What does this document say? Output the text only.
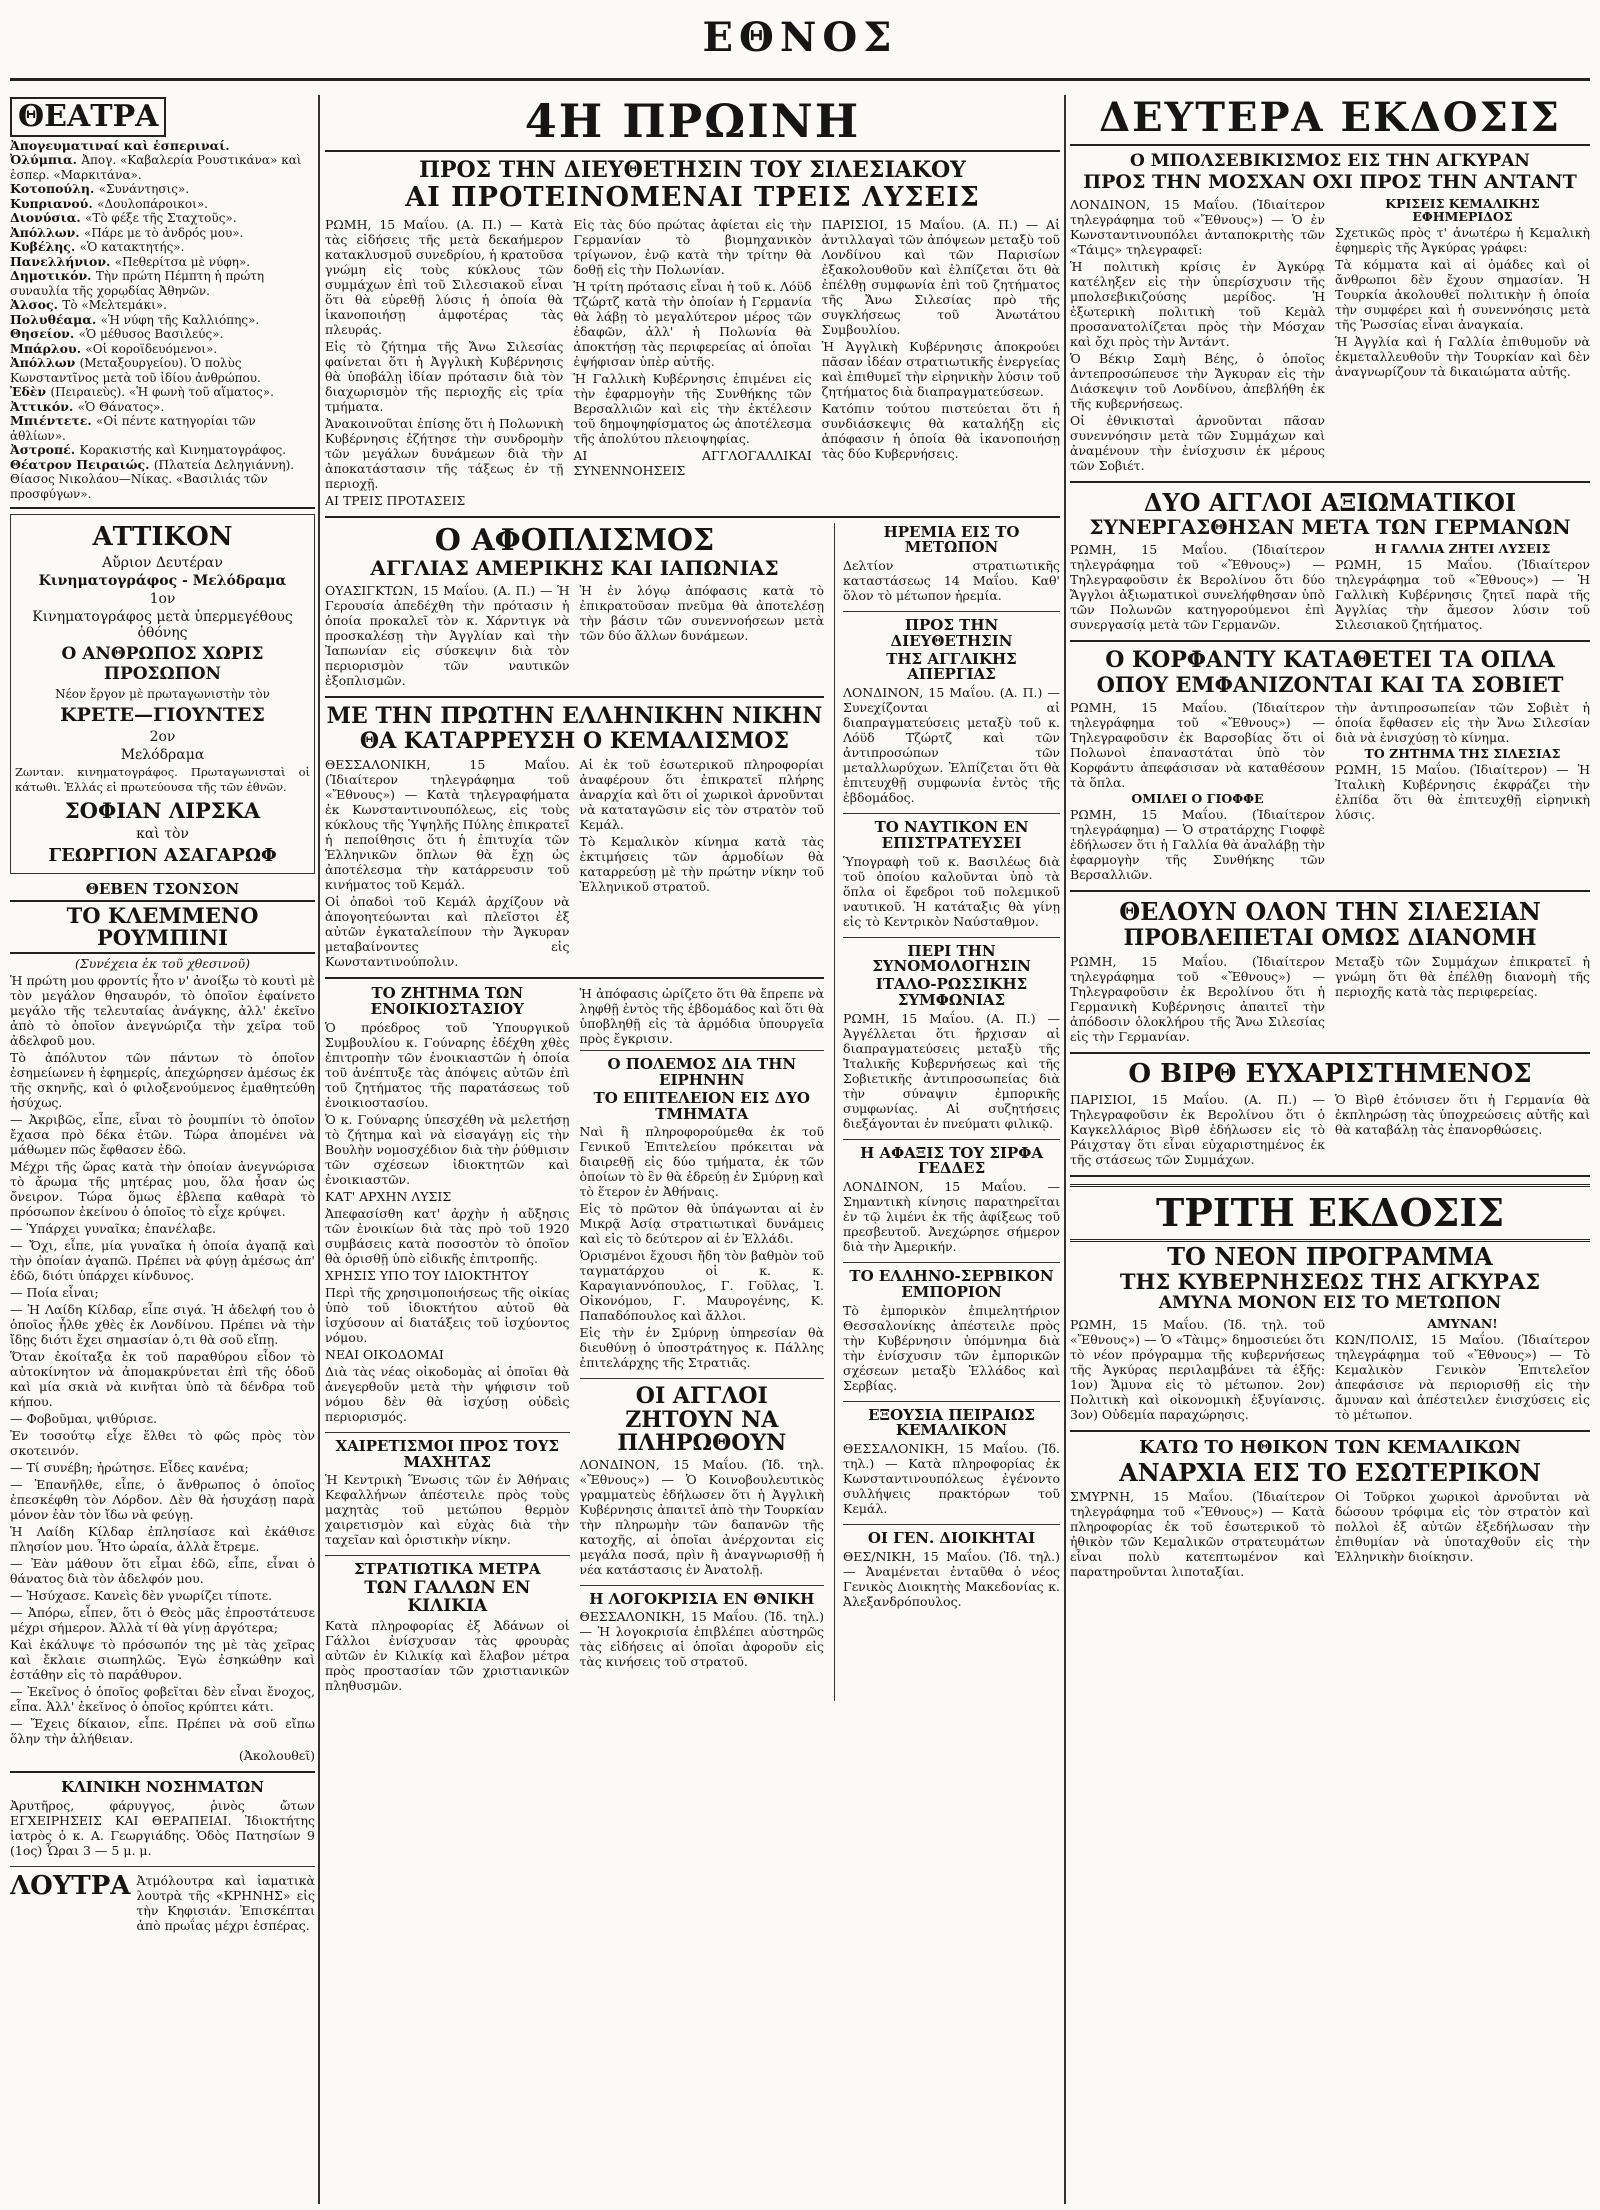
ΕΘΝΟΣ
ΘΕΑΤΡΑ
Ἀπογευματιναί καὶ ἑσπεριναί.
Ὀλύμπια. Ἀπογ. «Καβαλερία Ρουστικάνα» καὶ ἑσπερ. «Μαρκιτάνα».
Κοτοπούλη. «Συνάντησις».
Κυπριανού. «Δουλοπάροικοι».
Διονύσια. «Τὸ φέξε τῆς Σταχτοῦς».
Ἀπόλλων. «Πάρε με τὸ ἀνδρός μου».
Κυβέλης. «Ὁ κατακτητής».
Πανελλήνιον. «Πεθερίτσα μὲ νύφη».
Δημοτικόν. Τὴν πρώτη Πέμπτη ἡ πρώτη συναυλία τῆς χορῳδίας Ἀθηνῶν.
Ἀλσος. Τὸ «Μελτεμάκι».
Πολυθέαμα. «Ἡ νύφη τῆς Καλλιόπης».
Θησείον. «Ὁ μέθυσος Βασιλεύς».
Μπάρλου. «Οἱ κοροϊδευόμενοι».
Ἀπόλλων (Μεταξουργείου). Ὁ πολὺς Κωνσταντῖνος μετὰ τοῦ ἰδίου ἀνθρώπου.
Ἐδὲν (Πειραιεὺς). «Ἡ φωνὴ τοῦ αἵματος».
Ἀττικόν. «Ὁ Θάνατος».
Μπιέντετε. «Οἱ πέντε κατηγορίαι τῶν ἀθλίων».
Ἀστροπέ. Κορακιστής καὶ Κινηματογράφος.
Θέατρον Πειραιώς. (Πλατεία Δεληγιάννη). Θίασος Νικολάου—Νίκας. «Βασιλιάς τῶν προσφύγων».
ΑΤΤΙΚΟΝ
Αὔριον Δευτέραν
Κινηματογράφος - Μελόδραμα
1ον
Κινηματογράφος μετὰ ὑπερμεγέθους ὀθόνης
Ο ΑΝΘΡΩΠΟΣ ΧΩΡΙΣ ΠΡΟΣΩΠΟΝ
Νέον ἔργον μὲ πρωταγωνιστὴν τὸν
ΚΡΕΤΕ—ΓΙΟΥΝΤΕΣ
2ον
Μελόδραμα
Ζωνταν. κινηματογράφος. Πρωταγωνισταὶ οἱ κάτωθι. Ἑλλάς εἰ πρωτεύουσα τῆς τῶν ἐθνῶν.
ΣΟΦΙΑΝ ΛΙΡΣΚΑ
καὶ τὸν
ΓΕΩΡΓΙΟΝ ΑΣΑΓΑΡΩΦ
ΘΕΒΕΝ ΤΣΟΝΣΟΝ
ΤΟ ΚΛΕΜΜΕΝΟ ΡΟΥΜΠΙΝΙ
(Συνέχεια ἐκ τοῦ χθεσινοῦ)
Ἡ πρώτη μου φροντίς ἦτο ν' ἀνοίξω τὸ κουτὶ μὲ τὸν μεγάλον θησαυρόν, τὸ ὁποῖον ἐφαίνετο μεγάλο τῆς τελευταίας ἀνάγκης, ἀλλ' ἐκεῖνο ἀπὸ τὸ ὁποῖον ἀνεγνώριζα τὴν χεῖρα τοῦ ἀδελφοῦ μου.
Τὸ ἀπόλυτον τῶν πάντων τὸ ὁποῖον ἐσημείωνεν ἡ ἐφημερίς, ἀπεχώρησεν ἀμέσως ἐκ τῆς σκηνῆς, καὶ ὁ φιλοξενούμενος ἐμαθητεύθη ἡσύχως.
— Ἀκριβῶς, εἶπε, εἶναι τὸ ῥουμπίνι τὸ ὁποῖον ἔχασα πρὸ δέκα ἐτῶν. Τώρα ἀπομένει νὰ μάθωμεν πῶς ἔφθασεν ἐδῶ.
Μέχρι τῆς ὥρας κατὰ τὴν ὁποίαν ἀνεγνώρισα τὸ ἄρωμα τῆς μητέρας μου, ὅλα ἦσαν ὡς ὄνειρον. Τώρα ὅμως ἐβλεπα καθαρὰ τὸ πρόσωπον ἐκείνου ὁ ὁποῖος τὸ εἶχε κρύψει.
— Ὑπάρχει γυναῖκα; ἐπανέλαβε.
— Ὄχι, εἶπε, μία γυναῖκα ἡ ὁποία ἀγαπᾷ καὶ τὴν ὁποίαν ἀγαπῶ. Πρέπει νὰ φύγῃ ἀμέσως ἀπ' ἐδῶ, διότι ὑπάρχει κίνδυνος.
— Ποία εἶναι;
— Ἡ Λαίδη Κίλδαρ, εἶπε σιγά. Ἡ ἀδελφή του ὁ ὁποῖος ἦλθε χθὲς ἐκ Λονδίνου. Πρέπει νὰ τὴν ἴδῃς διότι ἔχει σημασίαν ὁ,τι θὰ σοῦ εἴπῃ.
Ὅταν ἐκοίταξα ἐκ τοῦ παραθύρου εἶδον τὸ αὐτοκίνητον νὰ ἀπομακρύνεται ἐπὶ τῆς ὁδοῦ καὶ μία σκιὰ νὰ κινῆται ὑπὸ τὰ δένδρα τοῦ κήπου.
— Φοβοῦμαι, ψιθύρισε.
Ἐν τοσούτῳ εἶχε ἔλθει τὸ φῶς πρὸς τὸν σκοτεινόν.
— Τί συνέβη; ἠρώτησε. Εἶδες κανένα;
— Ἐπανῆλθε, εἶπε, ὁ ἄνθρωπος ὁ ὁποῖος ἐπεσκέφθη τὸν Λόρδον. Δὲν θὰ ἡσυχάσῃ παρὰ μόνον ἐὰν τὸν ἴδω νὰ φεύγῃ.
Ἡ Λαίδη Κίλδαρ ἐπλησίασε καὶ ἐκάθισε πλησίον μου. Ἦτο ὡραία, ἀλλὰ ἔτρεμε.
— Ἐὰν μάθουν ὅτι εἶμαι ἐδῶ, εἶπε, εἶναι ὁ θάνατος διὰ τὸν ἀδελφόν μου.
— Ἡσύχασε. Κανεὶς δὲν γνωρίζει τίποτε.
— Ἀπόρω, εἶπεν, ὅτι ὁ Θεὸς μᾶς ἐπροστάτευσε μέχρι σήμερον. Ἀλλὰ τί θὰ γίνῃ ἀργότερα;
Καὶ ἐκάλυψε τὸ πρόσωπόν της μὲ τὰς χεῖρας καὶ ἔκλαιε σιωπηλῶς. Ἐγὼ ἐσηκώθην καὶ ἐστάθην εἰς τὸ παράθυρον.
— Ἐκεῖνος ὁ ὁποῖος φοβεῖται δὲν εἶναι ἔνοχος, εἶπα. Ἀλλ' ἐκεῖνος ὁ ὁποῖος κρύπτει κάτι.
— Ἔχεις δίκαιον, εἶπε. Πρέπει νὰ σοῦ εἴπω ὅλην τὴν ἀλήθειαν.
(Ἀκολουθεῖ)
ΚΛΙΝΙΚΗ ΝΟΣΗΜΑΤΩΝ
Ἀρυτῆρος, φάρυγγος, ῥινὸς ὤτων ΕΓΧΕΙΡΗΣΕΙΣ ΚΑΙ ΘΕΡΑΠΕΙΑΙ. Ἰδιοκτήτης ἰατρὸς ὁ κ. Α. Γεωργιάδης. Ὁδὸς Πατησίων 9 (1ος) Ὧραι 3 — 5 μ. μ.
ΛΟΥΤΡΑ Ἀτμόλουτρα καὶ ἰαματικὰ λουτρὰ τῆς «ΚΡΗΝΗΣ» εἰς τὴν Κηφισιάν. Ἐπισκέπται ἀπὸ πρωΐας μέχρι ἑσπέρας.
4Η ΠΡΩΙΝΗ
ΠΡΟΣ ΤΗΝ ΔΙΕΥΘΕΤΗΣΙΝ ΤΟΥ ΣΙΛΕΣΙΑΚΟΥ
ΑΙ ΠΡΟΤΕΙΝΟΜΕΝΑΙ ΤΡΕΙΣ ΛΥΣΕΙΣ
ΡΩΜΗ, 15 Μαΐου. (Α. Π.) — Κατὰ τὰς εἰδήσεις τῆς μετὰ δεκαήμερον κατακλυσμοῦ συνεδρίου, ἡ κρατοῦσα γνώμη εἰς τοὺς κύκλους τῶν συμμάχων ἐπὶ τοῦ Σιλεσιακοῦ εἶναι ὅτι θὰ εὑρεθῇ λύσις ἡ ὁποία θὰ ἱκανοποιήσῃ ἀμφοτέρας τὰς πλευράς.
Εἰς τὸ ζήτημα τῆς Ἄνω Σιλεσίας φαίνεται ὅτι ἡ Ἀγγλικὴ Κυβέρνησις θὰ ὑποβάλῃ ἰδίαν πρότασιν διὰ τὸν διαχωρισμὸν τῆς περιοχῆς εἰς τρία τμήματα.
Ἀνακοινοῦται ἐπίσης ὅτι ἡ Πολωνικὴ Κυβέρνησις ἐζήτησε τὴν συνδρομὴν τῶν μεγάλων δυνάμεων διὰ τὴν ἀποκατάστασιν τῆς τάξεως ἐν τῇ περιοχῇ.
ΑΙ ΤΡΕΙΣ ΠΡΟΤΑΣΕΙΣ
Εἰς τὰς δύο πρώτας ἀφίεται εἰς τὴν Γερμανίαν τὸ βιομηχανικὸν τρίγωνον, ἐνῷ κατὰ τὴν τρίτην θὰ δοθῇ εἰς τὴν Πολωνίαν.
Ἡ τρίτη πρότασις εἶναι ἡ τοῦ κ. Λόϋδ Τζώρτζ κατὰ τὴν ὁποίαν ἡ Γερμανία θὰ λάβῃ τὸ μεγαλύτερον μέρος τῶν ἐδαφῶν, ἀλλ' ἡ Πολωνία θὰ ἀποκτήσῃ τὰς περιφερείας αἱ ὁποῖαι ἐψήφισαν ὑπὲρ αὐτῆς.
Ἡ Γαλλικὴ Κυβέρνησις ἐπιμένει εἰς τὴν ἐφαρμογὴν τῆς Συνθήκης τῶν Βερσαλλιῶν καὶ εἰς τὴν ἐκτέλεσιν τοῦ δημοψηφίσματος ὡς ἀποτέλεσμα τῆς ἀπολύτου πλειοψηφίας.
ΑΙ ΑΓΓΛΟΓΑΛΛΙΚΑΙ ΣΥΝΕΝΝΟΗΣΕΙΣ
ΠΑΡΙΣΙΟΙ, 15 Μαΐου. (Α. Π.) — Αἱ ἀντιλλαγαὶ τῶν ἀπόψεων μεταξὺ τοῦ Λονδίνου καὶ τῶν Παρισίων ἐξακολουθοῦν καὶ ἐλπίζεται ὅτι θὰ ἐπέλθῃ συμφωνία ἐπὶ τοῦ ζητήματος τῆς Ἄνω Σιλεσίας πρὸ τῆς συγκλήσεως τοῦ Ἀνωτάτου Συμβουλίου.
Ἡ Ἀγγλικὴ Κυβέρνησις ἀποκρούει πᾶσαν ἰδέαν στρατιωτικῆς ἐνεργείας καὶ ἐπιθυμεῖ τὴν εἰρηνικὴν λύσιν τοῦ ζητήματος διὰ διαπραγματεύσεων.
Κατόπιν τούτου πιστεύεται ὅτι ἡ συνδιάσκεψις θὰ καταλήξῃ εἰς ἀπόφασιν ἡ ὁποία θὰ ἱκανοποιήσῃ τὰς δύο Κυβερνήσεις.
Ο ΑΦΟΠΛΙΣΜΟΣ
ΑΓΓΛΙΑΣ ΑΜΕΡΙΚΗΣ ΚΑΙ ΙΑΠΩΝΙΑΣ
ΟΥΑΣΙΓΚΤΩΝ, 15 Μαΐου. (Α. Π.) — Ἡ Γερουσία ἀπεδέχθη τὴν πρότασιν ἡ ὁποία προκαλεῖ τὸν κ. Χάρντιγκ νὰ προσκαλέσῃ τὴν Ἀγγλίαν καὶ τὴν Ἰαπωνίαν εἰς σύσκεψιν διὰ τὸν περιορισμὸν τῶν ναυτικῶν ἐξοπλισμῶν.
Ἡ ἐν λόγῳ ἀπόφασις κατὰ τὸ ἐπικρατοῦσαν πνεῦμα θὰ ἀποτελέσῃ τὴν βάσιν τῶν συνεννοήσεων μετὰ τῶν δύο ἄλλων δυνάμεων.
ΜΕ ΤΗΝ ΠΡΩΤΗΝ ΕΛΛΗΝΙΚΗΝ ΝΙΚΗΝ
ΘΑ ΚΑΤΑΡΡΕΥΣΗ Ο ΚΕΜΑΛΙΣΜΟΣ
ΘΕΣΣΑΛΟΝΙΚΗ, 15 Μαΐου. (Ἰδιαίτερον τηλεγράφημα τοῦ «Ἔθνους») — Κατὰ τηλεγραφήματα ἐκ Κωνσταντινουπόλεως, εἰς τοὺς κύκλους τῆς Ὑψηλῆς Πύλης ἐπικρατεῖ ἡ πεποίθησις ὅτι ἡ ἐπιτυχία τῶν Ἑλληνικῶν ὅπλων θὰ ἔχῃ ὡς ἀποτέλεσμα τὴν κατάρρευσιν τοῦ κινήματος τοῦ Κεμάλ.
Οἱ ὀπαδοὶ τοῦ Κεμάλ ἀρχίζουν νὰ ἀπογοητεύωνται καὶ πλεῖστοι ἐξ αὐτῶν ἐγκαταλείπουν τὴν Ἄγκυραν μεταβαίνοντες εἰς Κωνσταντινούπολιν.
Αἱ ἐκ τοῦ ἐσωτερικοῦ πληροφορίαι ἀναφέρουν ὅτι ἐπικρατεῖ πλήρης ἀναρχία καὶ ὅτι οἱ χωρικοὶ ἀρνοῦνται νὰ καταταγῶσιν εἰς τὸν στρατὸν τοῦ Κεμάλ.
Τὸ Κεμαλικὸν κίνημα κατὰ τὰς ἐκτιμήσεις τῶν ἁρμοδίων θὰ καταρρεύσῃ μὲ τὴν πρώτην νίκην τοῦ Ἑλληνικοῦ στρατοῦ.
ΤΟ ΖΗΤΗΜΑ ΤΩΝ ΕΝΟΙΚΙΟΣΤΑΣΙΟΥ
Ὁ πρόεδρος τοῦ Ὑπουργικοῦ Συμβουλίου κ. Γούναρης ἐδέχθη χθὲς ἐπιτροπὴν τῶν ἐνοικιαστῶν ἡ ὁποία τοῦ ἀνέπτυξε τὰς ἀπόψεις αὐτῶν ἐπὶ τοῦ ζητήματος τῆς παρατάσεως τοῦ ἐνοικιοστασίου.
Ὁ κ. Γούναρης ὑπεσχέθη νὰ μελετήσῃ τὸ ζήτημα καὶ νὰ εἰσαγάγῃ εἰς τὴν Βουλὴν νομοσχέδιον διὰ τὴν ῥύθμισιν τῶν σχέσεων ἰδιοκτητῶν καὶ ἐνοικιαστῶν.
ΚΑΤ' ΑΡΧΗΝ ΛΥΣΙΣ
Ἀπεφασίσθη κατ' ἀρχὴν ἡ αὔξησις τῶν ἐνοικίων διὰ τὰς πρὸ τοῦ 1920 συμβάσεις κατὰ ποσοστὸν τὸ ὁποῖον θὰ ὁρισθῇ ὑπὸ εἰδικῆς ἐπιτροπῆς.
ΧΡΗΣΙΣ ΥΠΟ ΤΟΥ ΙΔΙΟΚΤΗΤΟΥ
Περὶ τῆς χρησιμοποιήσεως τῆς οἰκίας ὑπὸ τοῦ ἰδιοκτήτου αὐτοῦ θὰ ἰσχύσουν αἱ διατάξεις τοῦ ἰσχύοντος νόμου.
ΝΕΑΙ ΟΙΚΟΔΟΜΑΙ
Διὰ τὰς νέας οἰκοδομὰς αἱ ὁποῖαι θὰ ἀνεγερθοῦν μετὰ τὴν ψήφισιν τοῦ νόμου δὲν θὰ ἰσχύσῃ οὐδεὶς περιορισμός.
ΧΑΙΡΕΤΙΣΜΟΙ ΠΡΟΣ ΤΟΥΣ ΜΑΧΗΤΑΣ
Ἡ Κεντρικὴ Ἕνωσις τῶν ἐν Ἀθήναις Κεφαλλήνων ἀπέστειλε πρὸς τοὺς μαχητὰς τοῦ μετώπου θερμὸν χαιρετισμὸν καὶ εὐχὰς διὰ τὴν ταχεῖαν καὶ ὁριστικὴν νίκην.
ΣΤΡΑΤΙΩΤΙΚΑ ΜΕΤΡΑ
ΤΩΝ ΓΑΛΛΩΝ ΕΝ ΚΙΛΙΚΙΑ
Κατὰ πληροφορίας ἐξ Ἀδάνων οἱ Γάλλοι ἐνίσχυσαν τὰς φρουρὰς αὐτῶν ἐν Κιλικίᾳ καὶ ἔλαβον μέτρα πρὸς προστασίαν τῶν χριστιανικῶν πληθυσμῶν.
Ἡ ἀπόφασις ὡρίζετο ὅτι θὰ ἔπρεπε νὰ ληφθῇ ἐντὸς τῆς ἑβδομάδος καὶ ὅτι θὰ ὑποβληθῇ εἰς τὰ ἁρμόδια ὑπουργεῖα πρὸς ἔγκρισιν.
Ο ΠΟΛΕΜΟΣ ΔΙΑ ΤΗΝ ΕΙΡΗΝΗΝ
ΤΟ ΕΠΙΤΕΛΕΙΟΝ ΕΙΣ ΔΥΟ ΤΜΗΜΑΤΑ
Ναὶ ἢ πληροφορούμεθα ἐκ τοῦ Γενικοῦ Ἐπιτελείου πρόκειται νὰ διαιρεθῇ εἰς δύο τμήματα, ἐκ τῶν ὁποίων τὸ ἓν θὰ ἐδρεύῃ ἐν Σμύρνῃ καὶ τὸ ἕτερον ἐν Ἀθήναις.
Εἰς τὸ πρῶτον θὰ ὑπάγωνται αἱ ἐν Μικρᾷ Ἀσίᾳ στρατιωτικαὶ δυνάμεις καὶ εἰς τὸ δεύτερον αἱ ἐν Ἑλλάδι.
Ὁρισμένοι ἔχουσι ἤδη τὸν βαθμὸν τοῦ ταγματάρχου οἱ κ. κ. Καραγιαννόπουλος, Γ. Γοῦλας, Ἰ. Οἰκονόμου, Γ. Μαυρογένης, Κ. Παπαδόπουλος καὶ ἄλλοι.
Εἰς τὴν ἐν Σμύρνῃ ὑπηρεσίαν θὰ διευθύνῃ ὁ ὑποστράτηγος κ. Πάλλης ἐπιτελάρχης τῆς Στρατιᾶς.
ΟΙ ΑΓΓΛΟΙ ΖΗΤΟΥΝ ΝΑ ΠΛΗΡΩΘΟΥΝ
ΛΟΝΔΙΝΟΝ, 15 Μαΐου. (Ἰδ. τηλ. «Ἔθνους») — Ὁ Κοινοβουλευτικὸς γραμματεὺς ἐδήλωσεν ὅτι ἡ Ἀγγλικὴ Κυβέρνησις ἀπαιτεῖ ἀπὸ τὴν Τουρκίαν τὴν πληρωμὴν τῶν δαπανῶν τῆς κατοχῆς, αἱ ὁποῖαι ἀνέρχονται εἰς μεγάλα ποσά, πρὶν ἢ ἀναγνωρισθῇ ἡ νέα κατάστασις ἐν Ἀνατολῇ.
Η ΛΟΓΟΚΡΙΣΙΑ ΕΝ ΘΝΙΚΗ
ΘΕΣΣΑΛΟΝΙΚΗ, 15 Μαΐου. (Ἰδ. τηλ.) — Ἡ λογοκρισία ἐπιβλέπει αὐστηρῶς τὰς εἰδήσεις αἱ ὁποῖαι ἀφοροῦν εἰς τὰς κινήσεις τοῦ στρατοῦ.
ΗΡΕΜΙΑ ΕΙΣ ΤΟ ΜΕΤΩΠΟΝ
Δελτίον στρατιωτικῆς καταστάσεως 14 Μαΐου. Καθ' ὅλον τὸ μέτωπον ἠρεμία.
ΠΡΟΣ ΤΗΝ ΔΙΕΥΘΕΤΗΣΙΝ
ΤΗΣ ΑΓΓΛΙΚΗΣ ΑΠΕΡΓΙΑΣ
ΛΟΝΔΙΝΟΝ, 15 Μαΐου. (Α. Π.) — Συνεχίζονται αἱ διαπραγματεύσεις μεταξὺ τοῦ κ. Λόϋδ Τζώρτζ καὶ τῶν ἀντιπροσώπων τῶν μεταλλωρύχων. Ἐλπίζεται ὅτι θὰ ἐπιτευχθῇ συμφωνία ἐντὸς τῆς ἑβδομάδος.
ΤΟ ΝΑΥΤΙΚΟΝ ΕΝ ΕΠΙΣΤΡΑΤΕΥΣΕΙ
Ὑπογραφὴ τοῦ κ. Βασιλέως διὰ τοῦ ὁποίου καλοῦνται ὑπὸ τὰ ὅπλα οἱ ἔφεδροι τοῦ πολεμικοῦ ναυτικοῦ. Ἡ κατάταξις θὰ γίνῃ εἰς τὸ Κεντρικὸν Ναύσταθμον.
ΠΕΡΙ ΤΗΝ ΣΥΝΟΜΟΛΟΓΗΣΙΝ
ΙΤΑΛΟ-ΡΩΣΣΙΚΗΣ ΣΥΜΦΩΝΙΑΣ
ΡΩΜΗ, 15 Μαΐου. (Α. Π.) — Ἀγγέλλεται ὅτι ἤρχισαν αἱ διαπραγματεύσεις μεταξὺ τῆς Ἰταλικῆς Κυβερνήσεως καὶ τῆς Σοβιετικῆς ἀντιπροσωπείας διὰ τὴν σύναψιν ἐμπορικῆς συμφωνίας. Αἱ συζητήσεις διεξάγονται ἐν πνεύματι φιλικῷ.
Η ΑΦΑΞΙΣ ΤΟΥ ΣΙΡΦΑ ΓΕΔΔΕΣ
ΛΟΝΔΙΝΟΝ, 15 Μαΐου. — Σημαντικὴ κίνησις παρατηρεῖται ἐν τῷ λιμένι ἐκ τῆς ἀφίξεως τοῦ πρεσβευτοῦ. Ἀνεχώρησε σήμερον διὰ τὴν Ἀμερικήν.
ΤΟ ΕΛΛΗΝΟ-ΣΕΡΒΙΚΟΝ ΕΜΠΟΡΙΟΝ
Τὸ ἐμπορικὸν ἐπιμελητήριον Θεσσαλονίκης ἀπέστειλε πρὸς τὴν Κυβέρνησιν ὑπόμνημα διὰ τὴν ἐνίσχυσιν τῶν ἐμπορικῶν σχέσεων μεταξὺ Ἑλλάδος καὶ Σερβίας.
ΕΞΟΥΣΙΑ ΠΕΙΡΑΙΩΣ ΚΕΜΑΛΙΚΟΝ
ΘΕΣΣΑΛΟΝΙΚΗ, 15 Μαΐου. (Ἰδ. τηλ.) — Κατὰ πληροφορίας ἐκ Κωνσταντινουπόλεως ἐγένοντο συλλήψεις πρακτόρων τοῦ Κεμάλ.
ΟΙ ΓΕΝ. ΔΙΟΙΚΗΤΑΙ
ΘΕΣ/ΝΙΚΗ, 15 Μαΐου. (Ἰδ. τηλ.) — Ἀναμένεται ἐνταῦθα ὁ νέος Γενικὸς Διοικητὴς Μακεδονίας κ. Ἀλεξανδρόπουλος.
ΔΕΥΤΕΡΑ ΕΚΔΟΣΙΣ
Ο ΜΠΟΛΣΕΒΙΚΙΣΜΟΣ ΕΙΣ ΤΗΝ ΑΓΚΥΡΑΝ
ΠΡΟΣ ΤΗΝ ΜΟΣΧΑΝ ΟΧΙ ΠΡΟΣ ΤΗΝ ΑΝΤΑΝΤ
ΛΟΝΔΙΝΟΝ, 15 Μαΐου. (Ἰδιαίτερον τηλεγράφημα τοῦ «Ἔθνους») — Ὁ ἐν Κωνσταντινουπόλει ἀνταποκριτὴς τῶν «Τάιμς» τηλεγραφεῖ:
Ἡ πολιτικὴ κρίσις ἐν Ἀγκύρᾳ κατέληξεν εἰς τὴν ὑπερίσχυσιν τῆς μπολσεβικιζούσης μερίδος. Ἡ ἐξωτερικὴ πολιτικὴ τοῦ Κεμὰλ προσανατολίζεται πρὸς τὴν Μόσχαν καὶ ὄχι πρὸς τὴν Ἀντάντ.
Ὁ Βέκιρ Σαμὴ Βέης, ὁ ὁποῖος ἀντεπροσώπευσε τὴν Ἄγκυραν εἰς τὴν Διάσκεψιν τοῦ Λονδίνου, ἀπεβλήθη ἐκ τῆς κυβερνήσεως.
Οἱ ἐθνικισταὶ ἀρνοῦνται πᾶσαν συνεννόησιν μετὰ τῶν Συμμάχων καὶ ἀναμένουν τὴν ἐνίσχυσιν ἐκ μέρους τῶν Σοβιέτ.
ΚΡΙΣΕΙΣ ΚΕΜΑΛΙΚΗΣ ΕΦΗΜΕΡΙΔΟΣ
Σχετικῶς πρὸς τ' ἀνωτέρω ἡ Κεμαλικὴ ἐφημερὶς τῆς Ἀγκύρας γράφει:
Τὰ κόμματα καὶ αἱ ὁμάδες καὶ οἱ ἄνθρωποι δὲν ἔχουν σημασίαν. Ἡ Τουρκία ἀκολουθεῖ πολιτικὴν ἡ ὁποία τὴν συμφέρει καὶ ἡ συνεννόησις μετὰ τῆς Ῥωσσίας εἶναι ἀναγκαία.
Ἡ Ἀγγλία καὶ ἡ Γαλλία ἐπιθυμοῦν νὰ ἐκμεταλλευθοῦν τὴν Τουρκίαν καὶ δὲν ἀναγνωρίζουν τὰ δικαιώματα αὐτῆς.
ΔΥΟ ΑΓΓΛΟΙ ΑΞΙΩΜΑΤΙΚΟΙ
ΣΥΝΕΡΓΑΣΘΗΣΑΝ ΜΕΤΑ ΤΩΝ ΓΕΡΜΑΝΩΝ
ΡΩΜΗ, 15 Μαΐου. (Ἰδιαίτερον τηλεγράφημα τοῦ «Ἔθνους») — Τηλεγραφοῦσιν ἐκ Βερολίνου ὅτι δύο Ἄγγλοι ἀξιωματικοὶ συνελήφθησαν ὑπὸ τῶν Πολωνῶν κατηγορούμενοι ἐπὶ συνεργασίᾳ μετὰ τῶν Γερμανῶν.
Η ΓΑΛΛΙΑ ΖΗΤΕΙ ΛΥΣΕΙΣ
ΡΩΜΗ, 15 Μαΐου. (Ἰδιαίτερον τηλεγράφημα τοῦ «Ἔθνους») — Ἡ Γαλλικὴ Κυβέρνησις ζητεῖ παρὰ τῆς Ἀγγλίας τὴν ἄμεσον λύσιν τοῦ Σιλεσιακοῦ ζητήματος.
Ο ΚΟΡΦΑΝΤΥ ΚΑΤΑΘΕΤΕΙ ΤΑ ΟΠΛΑ
ΟΠΟΥ ΕΜΦΑΝΙΖΟΝΤΑΙ ΚΑΙ ΤΑ ΣΟΒΙΕΤ
ΡΩΜΗ, 15 Μαΐου. (Ἰδιαίτερον τηλεγράφημα τοῦ «Ἔθνους») — Τηλεγραφοῦσιν ἐκ Βαρσοβίας ὅτι οἱ Πολωνοὶ ἐπαναστάται ὑπὸ τὸν Κορφάντυ ἀπεφάσισαν νὰ καταθέσουν τὰ ὅπλα.
ΟΜΙΛΕΙ Ο ΓΙΟΦΦΕ
ΡΩΜΗ, 15 Μαΐου. (Ἰδιαίτερον τηλεγράφημα) — Ὁ στρατάρχης Γιοφφὲ ἐδήλωσεν ὅτι ἡ Γαλλία θὰ ἀναλάβῃ τὴν ἐφαρμογὴν τῆς Συνθήκης τῶν Βερσαλλιῶν.
τὴν ἀντιπροσωπείαν τῶν Σοβιὲτ ἡ ὁποία ἔφθασεν εἰς τὴν Ἄνω Σιλεσίαν διὰ νὰ ἐνισχύσῃ τὸ κίνημα.
ΤΟ ΖΗΤΗΜΑ ΤΗΣ ΣΙΛΕΣΙΑΣ
ΡΩΜΗ, 15 Μαΐου. (Ἰδιαίτερον) — Ἡ Ἰταλικὴ Κυβέρνησις ἐκφράζει τὴν ἐλπίδα ὅτι θὰ ἐπιτευχθῇ εἰρηνικὴ λύσις.
ΘΕΛΟΥΝ ΟΛΟΝ ΤΗΝ ΣΙΛΕΣΙΑΝ
ΠΡΟΒΛΕΠΕΤΑΙ ΟΜΩΣ ΔΙΑΝΟΜΗ
ΡΩΜΗ, 15 Μαΐου. (Ἰδιαίτερον τηλεγράφημα τοῦ «Ἔθνους») — Τηλεγραφοῦσιν ἐκ Βερολίνου ὅτι ἡ Γερμανικὴ Κυβέρνησις ἀπαιτεῖ τὴν ἀπόδοσιν ὁλοκλήρου τῆς Ἄνω Σιλεσίας εἰς τὴν Γερμανίαν.
Μεταξὺ τῶν Συμμάχων ἐπικρατεῖ ἡ γνώμη ὅτι θὰ ἐπέλθῃ διανομὴ τῆς περιοχῆς κατὰ τὰς περιφερείας.
Ο ΒΙΡΘ ΕΥΧΑΡΙΣΤΗΜΕΝΟΣ
ΠΑΡΙΣΙΟΙ, 15 Μαΐου. (Α. Π.) — Τηλεγραφοῦσιν ἐκ Βερολίνου ὅτι ὁ Καγκελλάριος Βὶρθ ἐδήλωσεν εἰς τὸ Ράιχσταγ ὅτι εἶναι εὐχαριστημένος ἐκ τῆς στάσεως τῶν Συμμάχων.
Ὁ Βὶρθ ἐτόνισεν ὅτι ἡ Γερμανία θὰ ἐκπληρώσῃ τὰς ὑποχρεώσεις αὐτῆς καὶ θὰ καταβάλῃ τὰς ἐπανορθώσεις.
ΤΡΙΤΗ ΕΚΔΟΣΙΣ
ΤΟ ΝΕΟΝ ΠΡΟΓΡΑΜΜΑ
ΤΗΣ ΚΥΒΕΡΝΗΣΕΩΣ ΤΗΣ ΑΓΚΥΡΑΣ
ΑΜΥΝΑ ΜΟΝΟΝ ΕΙΣ ΤΟ ΜΕΤΩΠΟΝ
ΡΩΜΗ, 15 Μαΐου. (Ἰδ. τηλ. τοῦ «Ἔθνους») — Ὁ «Τὰιμς» δημοσιεύει ὅτι τὸ νέον πρόγραμμα τῆς κυβερνήσεως τῆς Ἀγκύρας περιλαμβάνει τὰ ἑξῆς: 1ον) Ἄμυνα εἰς τὸ μέτωπον. 2ον) Πολιτικὴ καὶ οἰκονομικὴ ἐξυγίανσις. 3ον) Οὐδεμία παραχώρησις.
ΑΜΥΝΑΝ!
ΚΩΝ/ΠΟΛΙΣ, 15 Μαΐου. (Ἰδιαίτερον τηλεγράφημα τοῦ «Ἔθνους») — Τὸ Κεμαλικὸν Γενικὸν Ἐπιτελεῖον ἀπεφάσισε νὰ περιορισθῇ εἰς τὴν ἄμυναν καὶ ἀπέστειλεν ἐνισχύσεις εἰς τὸ μέτωπον.
ΚΑΤΩ ΤΟ ΗΘΙΚΟΝ ΤΩΝ ΚΕΜΑΛΙΚΩΝ
ΑΝΑΡΧΙΑ ΕΙΣ ΤΟ ΕΣΩΤΕΡΙΚΟΝ
ΣΜΥΡΝΗ, 15 Μαΐου. (Ἰδιαίτερον τηλεγράφημα τοῦ «Ἔθνους») — Κατὰ πληροφορίας ἐκ τοῦ ἐσωτερικοῦ τὸ ἠθικὸν τῶν Κεμαλικῶν στρατευμάτων εἶναι πολὺ κατεπτωμένον καὶ παρατηροῦνται λιποταξίαι.
Οἱ Τοῦρκοι χωρικοὶ ἀρνοῦνται νὰ δώσουν τρόφιμα εἰς τὸν στρατὸν καὶ πολλοὶ ἐξ αὐτῶν ἐξεδήλωσαν τὴν ἐπιθυμίαν νὰ ὑποταχθοῦν εἰς τὴν Ἑλληνικὴν διοίκησιν.
